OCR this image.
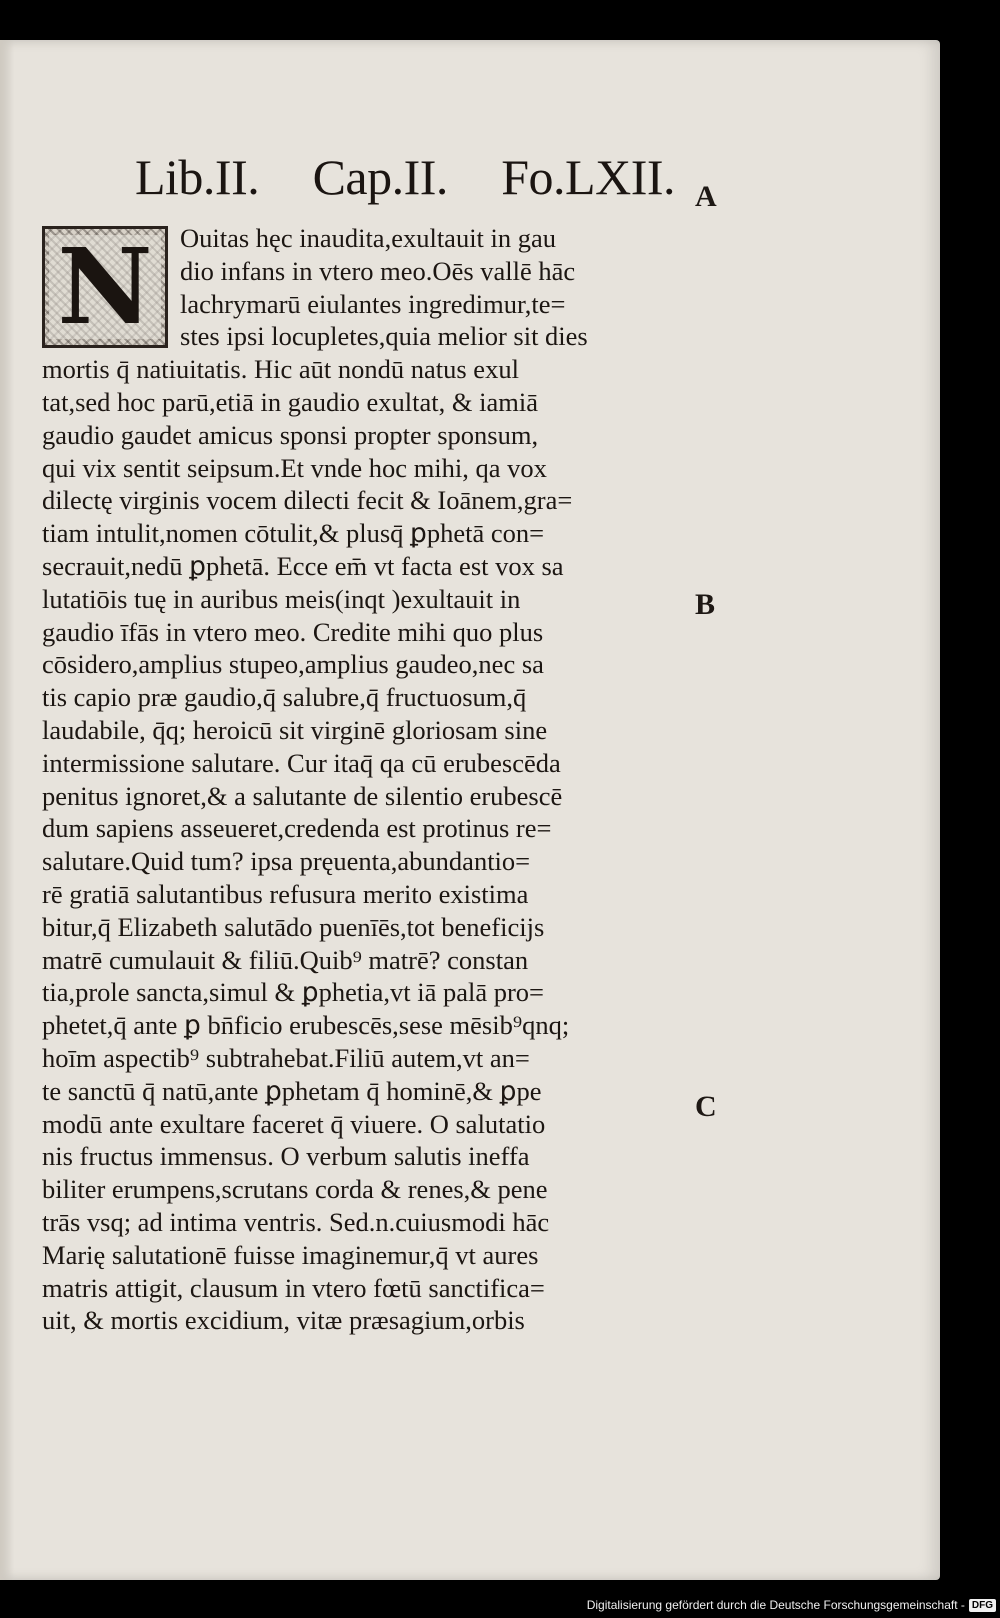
Lib.II. Cap.II. Fo.LXII.
N	Ouitas hęc inaudita,exultauit in gau
dio infans in vtero meo.Oēs vallē hāc
lachrymarū eiulantes ingredimur,te=
stes ipsi locupletes,quia melior sit dies
mortis q̄ natiuitatis. Hic aūt nondū natus exul
tat,sed hoc parū,etiā in gaudio exultat, & iamiā
gaudio gaudet amicus sponsi propter sponsum,
qui vix sentit seipsum.Et vnde hoc mihi, qa vox
dilectę virginis vocem dilecti fecit & Ioānem,gra=
tiam intulit,nomen cōtulit,& plusq̄ ꝑphetā con=
secrauit,nedū ꝑphetā. Ecce em̄ vt facta est vox sa
lutatiōis tuę in auribus meis(inqt )exultauit in
gaudio īfās in vtero meo. Credite mihi quo plus
cōsidero,amplius stupeo,amplius gaudeo,nec sa
tis capio præ gaudio,q̄ salubre,q̄ fructuosum,q̄
laudabile, q̄q; heroicū sit virginē gloriosam sine
intermissione salutare. Cur itaq̄ qa cū erubescēda
penitus ignoret,& a salutante de silentio erubescē
dum sapiens asseueret,credenda est protinus re=
salutare.Quid tum? ipsa pręuenta,abundantio=
rē gratiā salutantibus refusura merito existima
bitur,q̄ Elizabeth salutādo puenīēs,tot beneficijs
matrē cumulauit & filiū.Quib⁹ matrē? constan
tia,prole sancta,simul & ꝑphetia,vt iā palā pro=
phetet,q̄ ante ꝑ bn̄ficio erubescēs,sese mēsib⁹qnq;
hoīm aspectib⁹ subtrahebat.Filiū autem,vt an=
te sanctū q̄ natū,ante ꝑphetam q̄ hominē,& ꝑpe
modū ante exultare faceret q̄ viuere. O salutatio
nis fructus immensus. O verbum salutis ineffa
biliter erumpens,scrutans corda & renes,& pene
trās vsq; ad intima ventris. Sed.n.cuiusmodi hāc
Marię salutationē fuisse imaginemur,q̄ vt aures
matris attigit, clausum in vtero fœtū sanctifica=
uit, & mortis excidium, vitæ præsagium,orbis
A
B
C
Digitalisierung gefördert durch die Deutsche Forschungsgemeinschaft - DFG
